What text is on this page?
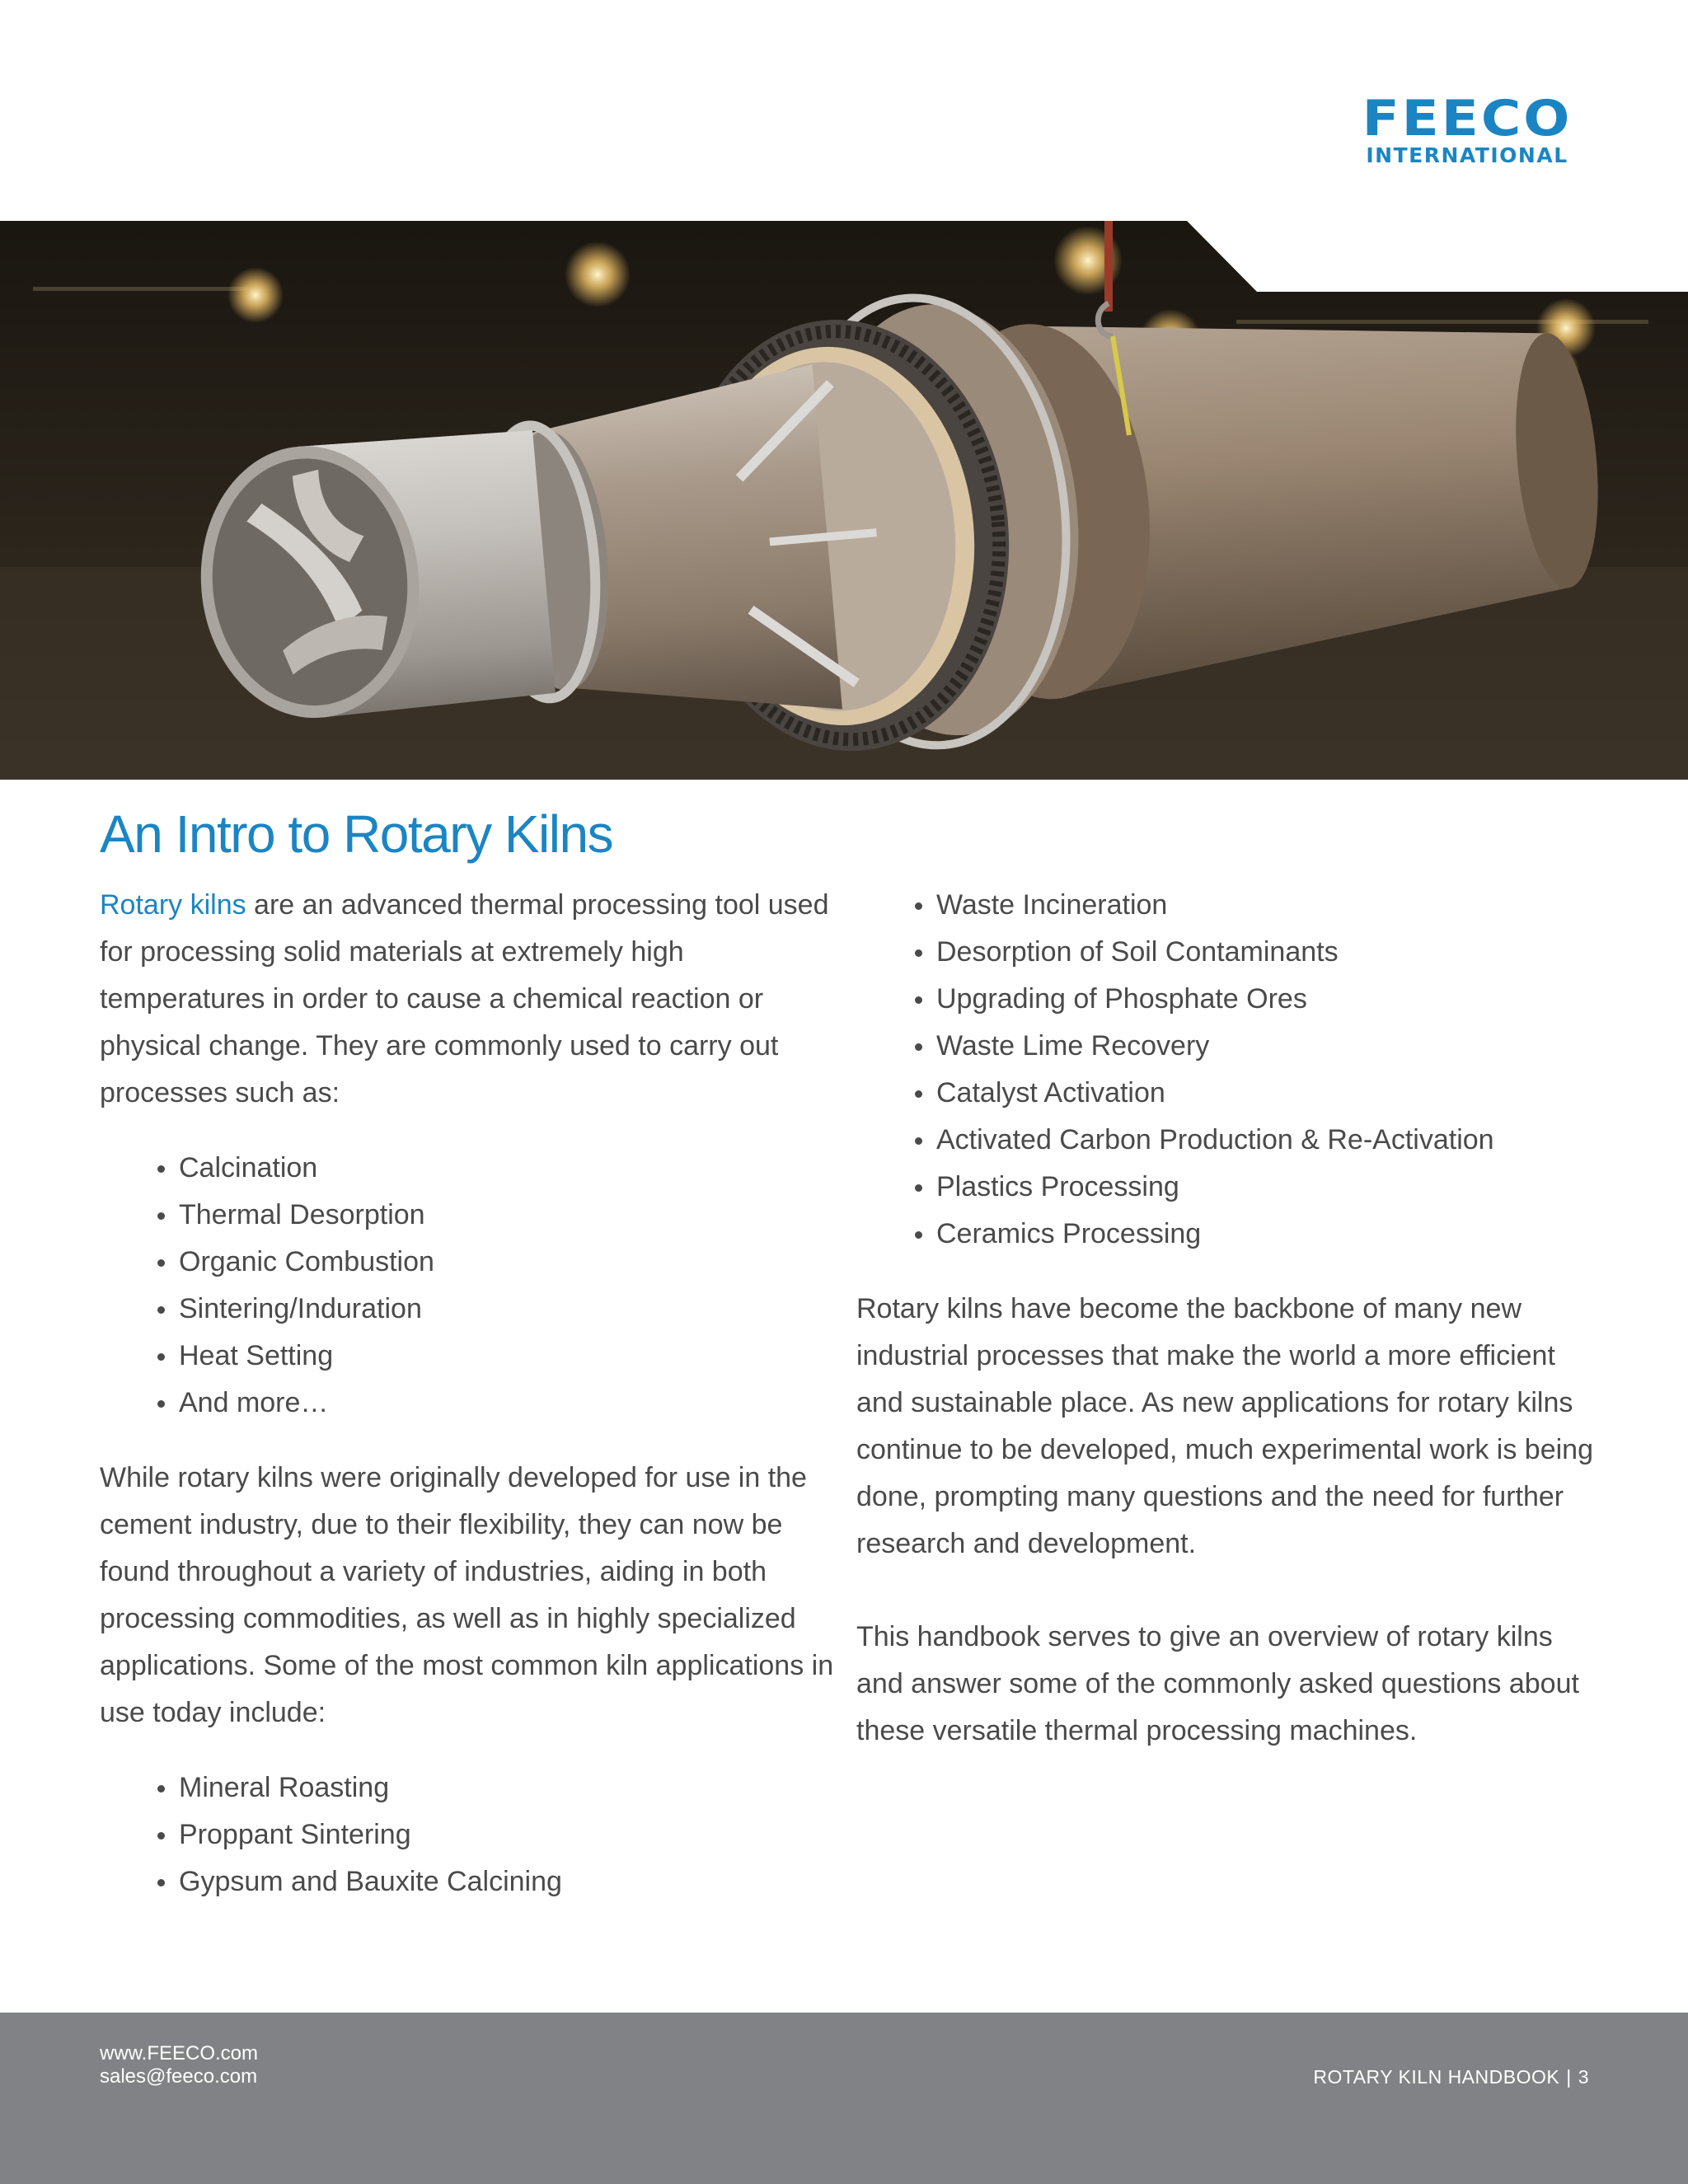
FEECO
INTERNATIONAL
An Intro to Rotary Kilns

Rotary kilns are an advanced thermal processing tool used for processing solid materials at extremely high temperatures in order to cause a chemical reaction or physical change. They are commonly used to carry out processes such as:

Calcination
Thermal Desorption
Organic Combustion
Sintering/Induration
Heat Setting
And more…

While rotary kilns were originally developed for use in the cement industry, due to their flexibility, they can now be found throughout a variety of industries, aiding in both processing commodities, as well as in highly specialized applications. Some of the most common kiln applications in use today include:

Mineral Roasting
Proppant Sintering
Gypsum and Bauxite Calcining
Waste Incineration
Desorption of Soil Contaminants
Upgrading of Phosphate Ores
Waste Lime Recovery
Catalyst Activation
Activated Carbon Production & Re-Activation
Plastics Processing
Ceramics Processing

Rotary kilns have become the backbone of many new industrial processes that make the world a more efficient and sustainable place. As new applications for rotary kilns continue to be developed, much experimental work is being done, prompting many questions and the need for further research and development.

This handbook serves to give an overview of rotary kilns and answer some of the commonly asked questions about these versatile thermal processing machines.

www.FEECO.com
sales@feeco.com	ROTARY KILN HANDBOOK | 3
